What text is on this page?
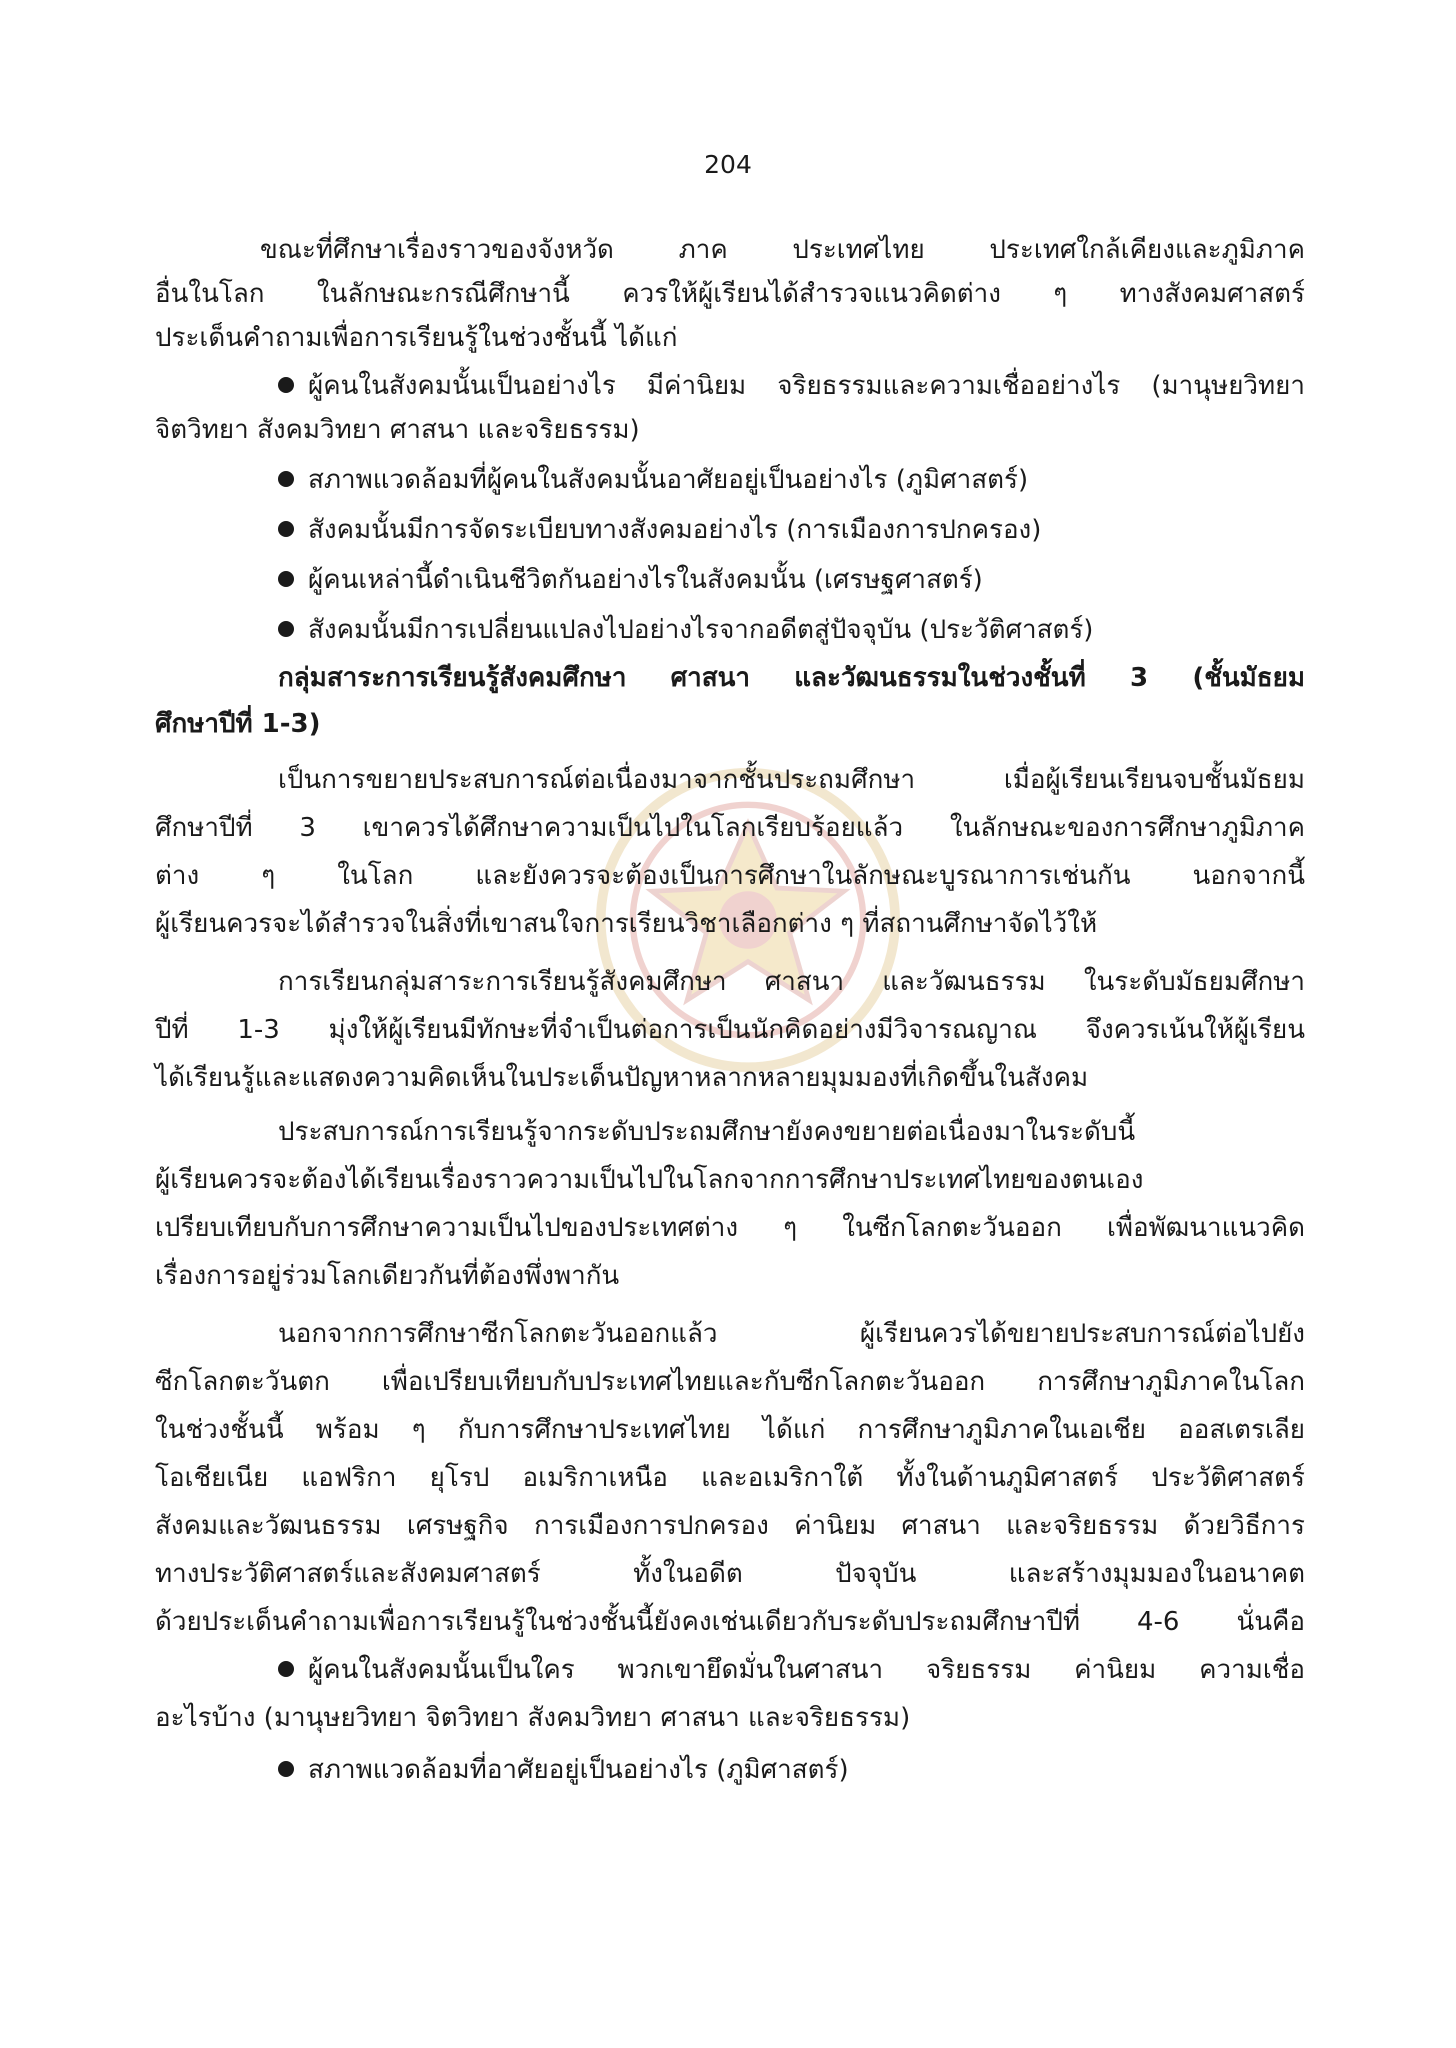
204
ขณะที่ศึกษาเรื่องราวของจังหวัด ภาค ประเทศไทย ประเทศใกล้เคียงและภูมิภาค
อื่นในโลก ในลักษณะกรณีศึกษานี้ ควรให้ผู้เรียนได้สำรวจแนวคิดต่าง ๆ ทางสังคมศาสตร์
ประเด็นคำถามเพื่อการเรียนรู้ในช่วงชั้นนี้ ได้แก่
ผู้คนในสังคมนั้นเป็นอย่างไร มีค่านิยม จริยธรรมและความเชื่ออย่างไร (มานุษยวิทยา
จิตวิทยา สังคมวิทยา ศาสนา และจริยธรรม)
สภาพแวดล้อมที่ผู้คนในสังคมนั้นอาศัยอยู่เป็นอย่างไร (ภูมิศาสตร์)
สังคมนั้นมีการจัดระเบียบทางสังคมอย่างไร (การเมืองการปกครอง)
ผู้คนเหล่านี้ดำเนินชีวิตกันอย่างไรในสังคมนั้น (เศรษฐศาสตร์)
สังคมนั้นมีการเปลี่ยนแปลงไปอย่างไรจากอดีตสู่ปัจจุบัน (ประวัติศาสตร์)
กลุ่มสาระการเรียนรู้สังคมศึกษา ศาสนา และวัฒนธรรมในช่วงชั้นที่ 3 (ชั้นมัธยม
ศึกษาปีที่ 1-3)
เป็นการขยายประสบการณ์ต่อเนื่องมาจากชั้นประถมศึกษา เมื่อผู้เรียนเรียนจบชั้นมัธยม
ศึกษาปีที่ 3 เขาควรได้ศึกษาความเป็นไปในโลกเรียบร้อยแล้ว ในลักษณะของการศึกษาภูมิภาค
ต่าง ๆ ในโลก และยังควรจะต้องเป็นการศึกษาในลักษณะบูรณาการเช่นกัน นอกจากนี้
ผู้เรียนควรจะได้สำรวจในสิ่งที่เขาสนใจการเรียนวิชาเลือกต่าง ๆ ที่สถานศึกษาจัดไว้ให้
การเรียนกลุ่มสาระการเรียนรู้สังคมศึกษา ศาสนา และวัฒนธรรม ในระดับมัธยมศึกษา
ปีที่ 1-3 มุ่งให้ผู้เรียนมีทักษะที่จำเป็นต่อการเป็นนักคิดอย่างมีวิจารณญาณ จึงควรเน้นให้ผู้เรียน
ได้เรียนรู้และแสดงความคิดเห็นในประเด็นปัญหาหลากหลายมุมมองที่เกิดขึ้นในสังคม
ประสบการณ์การเรียนรู้จากระดับประถมศึกษายังคงขยายต่อเนื่องมาในระดับนี้
ผู้เรียนควรจะต้องได้เรียนเรื่องราวความเป็นไปในโลกจากการศึกษาประเทศไทยของตนเอง
เปรียบเทียบกับการศึกษาความเป็นไปของประเทศต่าง ๆ ในซีกโลกตะวันออก เพื่อพัฒนาแนวคิด
เรื่องการอยู่ร่วมโลกเดียวกันที่ต้องพึ่งพากัน
นอกจากการศึกษาซีกโลกตะวันออกแล้ว ผู้เรียนควรได้ขยายประสบการณ์ต่อไปยัง
ซีกโลกตะวันตก เพื่อเปรียบเทียบกับประเทศไทยและกับซีกโลกตะวันออก การศึกษาภูมิภาคในโลก
ในช่วงชั้นนี้ พร้อม ๆ กับการศึกษาประเทศไทย ได้แก่ การศึกษาภูมิภาคในเอเชีย ออสเตรเลีย
โอเชียเนีย แอฟริกา ยุโรป อเมริกาเหนือ และอเมริกาใต้ ทั้งในด้านภูมิศาสตร์ ประวัติศาสตร์
สังคมและวัฒนธรรม เศรษฐกิจ การเมืองการปกครอง ค่านิยม ศาสนา และจริยธรรม ด้วยวิธีการ
ทางประวัติศาสตร์และสังคมศาสตร์ ทั้งในอดีต ปัจจุบัน และสร้างมุมมองในอนาคต
ด้วยประเด็นคำถามเพื่อการเรียนรู้ในช่วงชั้นนี้ยังคงเช่นเดียวกับระดับประถมศึกษาปีที่ 4-6 นั่นคือ
ผู้คนในสังคมนั้นเป็นใคร พวกเขายึดมั่นในศาสนา จริยธรรม ค่านิยม ความเชื่อ
อะไรบ้าง (มานุษยวิทยา จิตวิทยา สังคมวิทยา ศาสนา และจริยธรรม)
สภาพแวดล้อมที่อาศัยอยู่เป็นอย่างไร (ภูมิศาสตร์)
